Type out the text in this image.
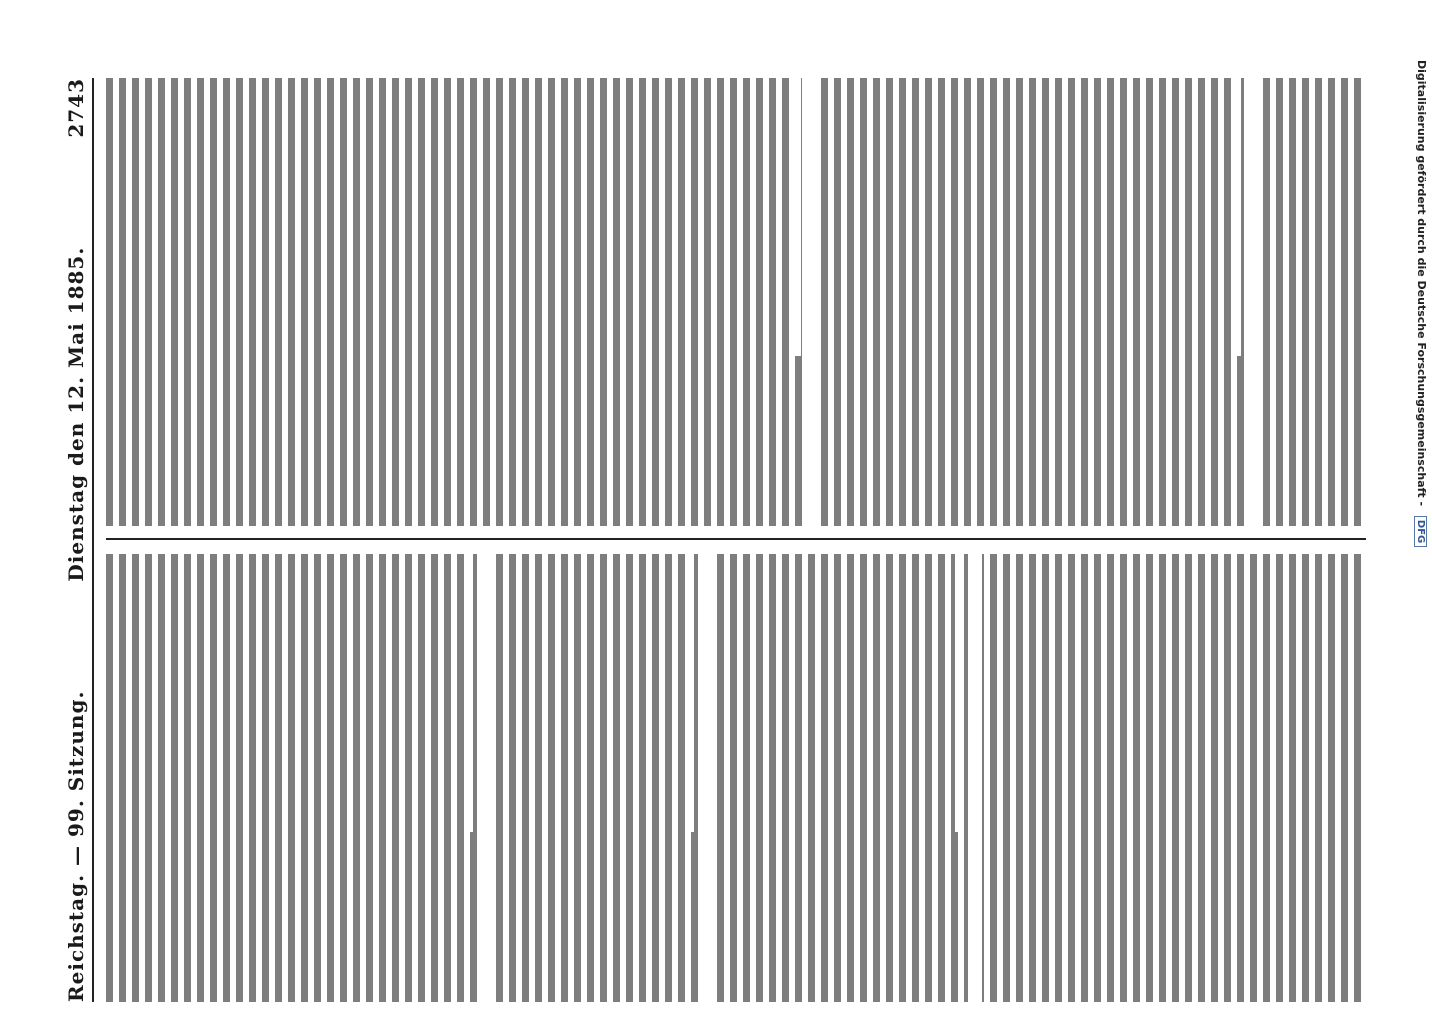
Reichstag. — 99. Sitzung.
Dienstag den 12. Mai 1885.
2743	Digitalisierung gefördert durch die Deutsche Forschungsgemeinschaft - DFG
